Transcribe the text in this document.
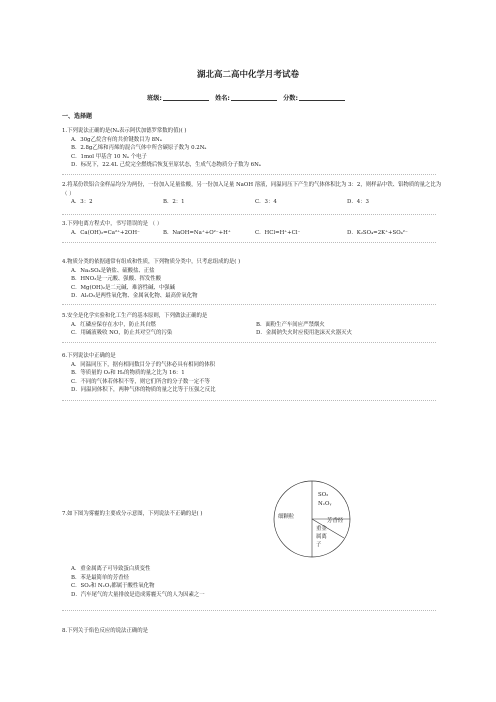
湖北高二高中化学月考试卷
班级:	姓名:	分数:
一、选择题
1.下列说法正确的是(Nₐ表示阿伏加德罗常数的值)( )
A．30g乙烷含有的共价键数目为 8Nₐ
B．2.8g乙烯和丙烯的混合气体中所含碳原子数为 0.2Nₐ
C．1mol 甲基含 10 Nₐ 个电子
D．标况下，22.4L 己烷完全燃烧后恢复至原状态，生成气态物质分子数为 6Nₐ
2.将某份铁铝合金样品均分为两份，一份加入足量盐酸，另一份加入足量 NaOH 溶液，同温同压下产生的气体体积比为 3：2，则样品中铁、铝物质的量之比为（ ）
A．3：2	B．2：1	C．3：4	D．4：3
3.下列电离方程式中，书写错误的是 （ ）
A．Ca(OH)₂=Ca²⁺+2OH⁻	B．NaOH=Na⁺+O²⁻+H⁺	C．HCl=H⁺+Cl⁻	D．K₂SO₄=2K⁺+SO₄²⁻
4.物质分类的依据通常有组成和性质，下列物质分类中，只考虑组成的是( )
A．Na₂SO₄是钠盐、硫酸盐、正盐
B．HNO₃是一元酸、强酸、挥发性酸
C．Mg(OH)₂是二元碱、难溶性碱、中强碱
D．Al₂O₃是两性氧化物、金属氧化物、最高价氧化物
5.安全是化学实验和化工生产的基本原则，下列做法正确的是
A．红磷应保存在水中，防止其自燃	B．面粉生产车间应严禁烟火
C．用碱液吸收 NO，防止其对空气的污染	D．金属钠失火时应使用泡沫灭火器灭火
6.下列说法中正确的是
A．同温同压下，据有相同数目分子的气体必具有相同的体积
B．等质量的 O₂和 H₂的物质的量之比为 16：1
C．不同的气体若体积不等，则它们所含的分子数一定不等
D．同温同体积下，两种气体的物质的量之比等于压强之反比
7.如下图为雾霾的主要成分示意图，下列说法不正确的是( )
SO₂
NₓOᵧ
芳香烃
重金
属离
子
细颗粒
A．重金属离子可导致蛋白质变性
B．苯是最简单的芳香烃
C．SO₂和 NₓOᵧ都属于酸性氧化物
D．汽车尾气的大量排放是造成雾霾天气的人为因素之一
8.下列关于焰色反应的说法正确的是
